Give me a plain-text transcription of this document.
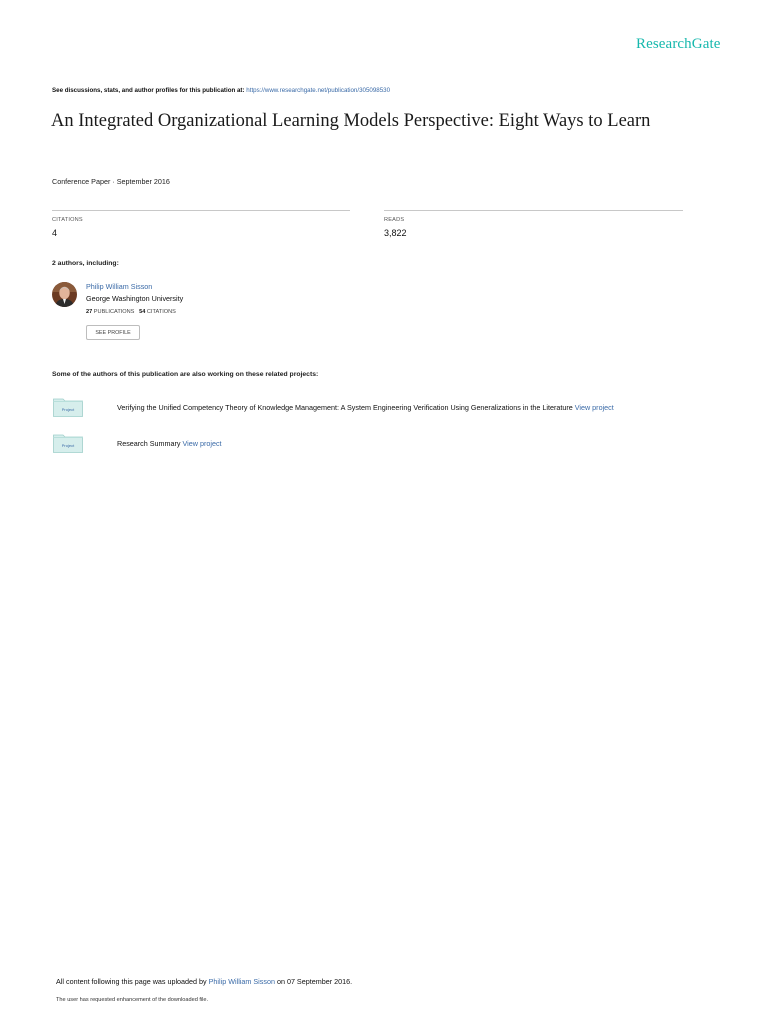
ResearchGate
See discussions, stats, and author profiles for this publication at: https://www.researchgate.net/publication/305098530
An Integrated Organizational Learning Models Perspective: Eight Ways to Learn
Conference Paper · September 2016
CITATIONS
4
READS
3,822
2 authors, including:
Philip William Sisson
George Washington University
27 PUBLICATIONS 54 CITATIONS
SEE PROFILE
Some of the authors of this publication are also working on these related projects:
Project	Verifying the Unified Competency Theory of Knowledge Management: A System Engineering Verification Using Generalizations in the Literature View project
Project	Research Summary View project
All content following this page was uploaded by Philip William Sisson on 07 September 2016.
The user has requested enhancement of the downloaded file.
